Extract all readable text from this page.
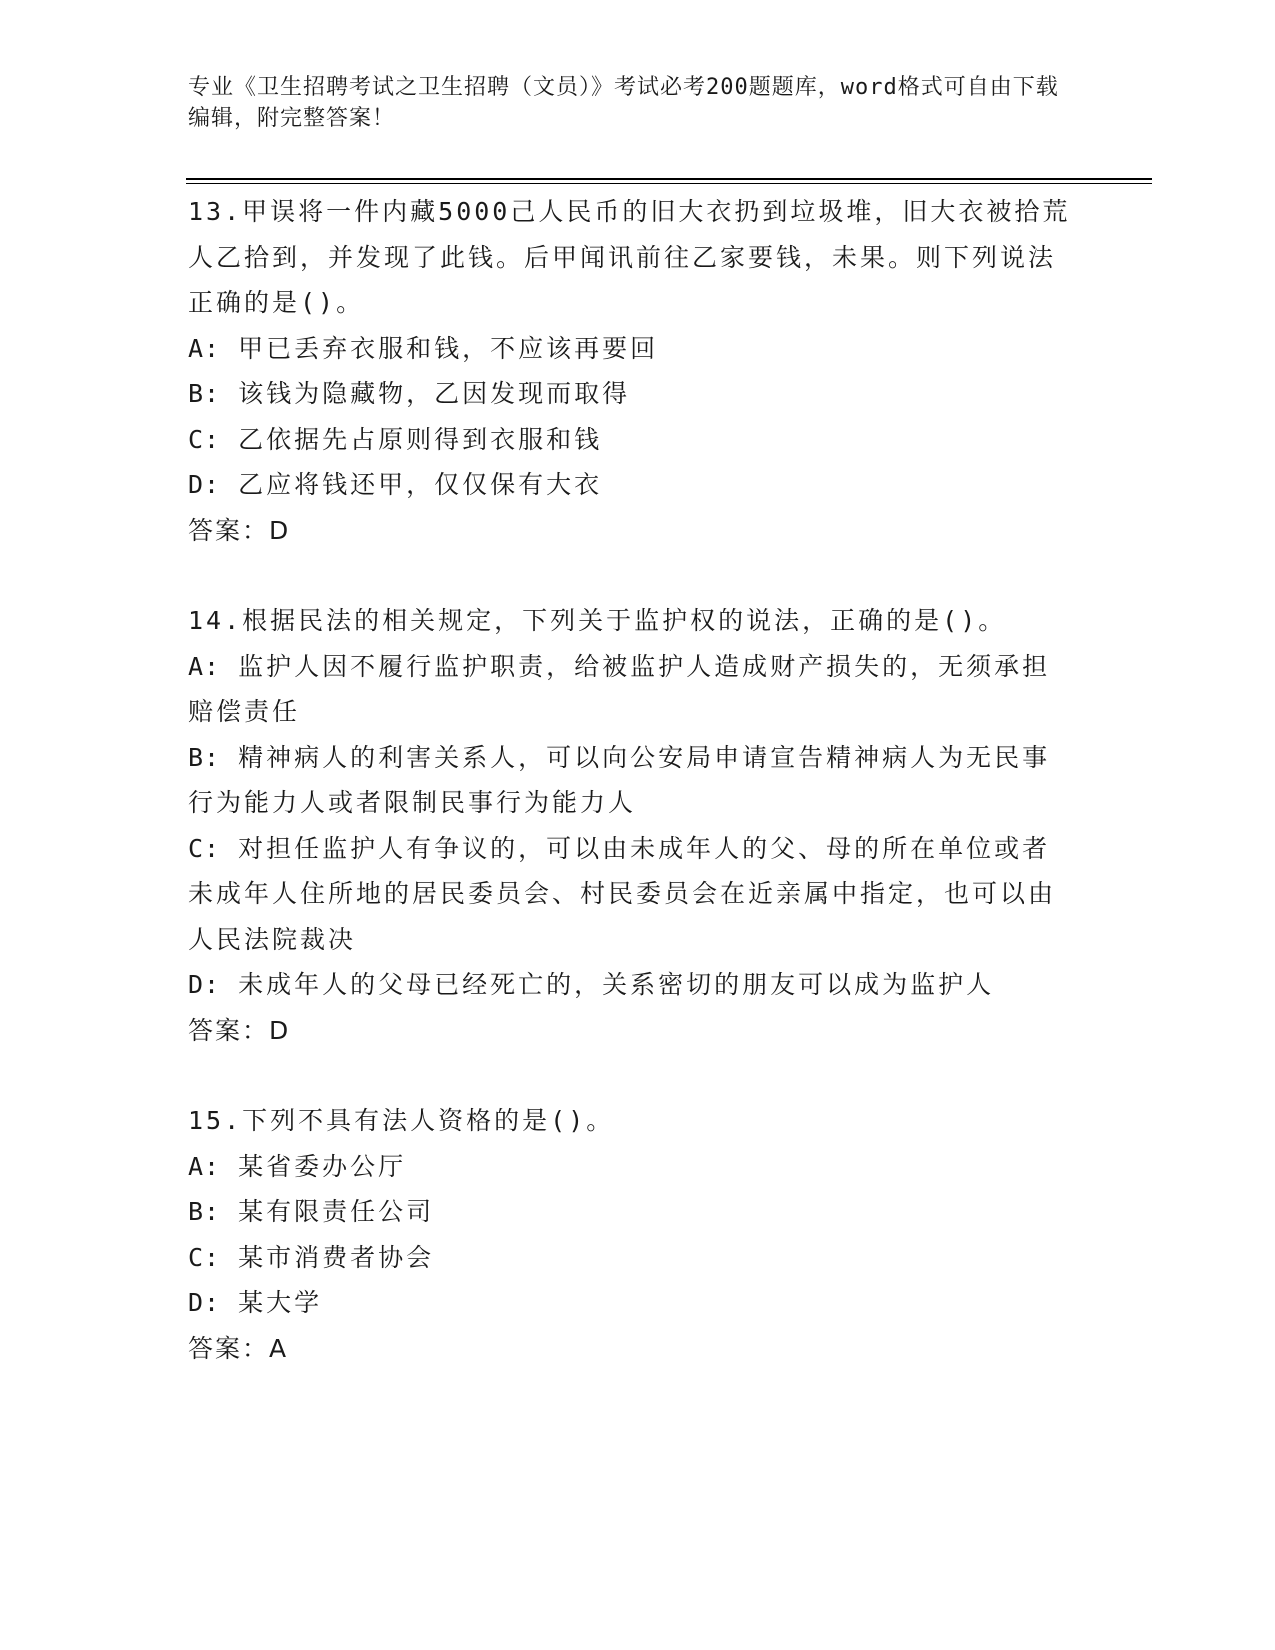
专业《卫生招聘考试之卫生招聘（文员）》考试必考200题题库，word格式可自由下载编辑，附完整答案！

13.甲误将一件内藏5000己人民币的旧大衣扔到垃圾堆，旧大衣被拾荒人乙拾到，并发现了此钱。后甲闻讯前往乙家要钱，未果。则下列说法正确的是()。

A: 甲已丢弃衣服和钱，不应该再要回

B: 该钱为隐藏物，乙因发现而取得

C: 乙依据先占原则得到衣服和钱

D: 乙应将钱还甲，仅仅保有大衣

答案：D

14.根据民法的相关规定，下列关于监护权的说法，正确的是()。

A: 监护人因不履行监护职责，给被监护人造成财产损失的，无须承担赔偿责任

B: 精神病人的利害关系人，可以向公安局申请宣告精神病人为无民事行为能力人或者限制民事行为能力人

C: 对担任监护人有争议的，可以由未成年人的父、母的所在单位或者未成年人住所地的居民委员会、村民委员会在近亲属中指定，也可以由人民法院裁决

D: 未成年人的父母已经死亡的，关系密切的朋友可以成为监护人

答案：D

15.下列不具有法人资格的是()。

A: 某省委办公厅

B: 某有限责任公司

C: 某市消费者协会

D: 某大学

答案：A
